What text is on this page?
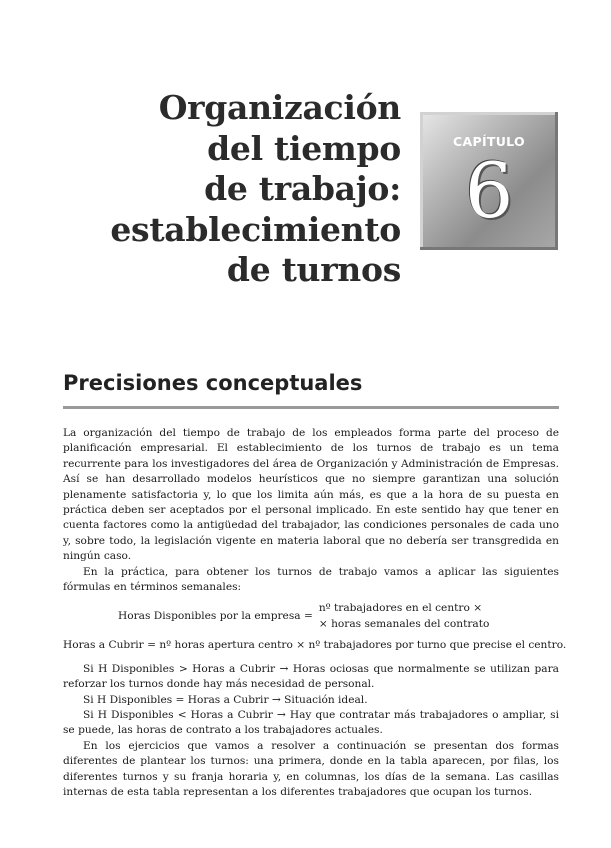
Organización
del tiempo
de trabajo:
establecimiento
de turnos
CAPÍTULO
6
Precisiones conceptuales

La organización del tiempo de trabajo de los empleados forma parte del proceso de planificación empresarial. El establecimiento de los turnos de trabajo es un tema recurrente para los investigadores del área de Organización y Administración de Empresas. Así se han desarrollado modelos heurísticos que no siempre garantizan una solución plenamente satisfactoria y, lo que los limita aún más, es que a la hora de su puesta en práctica deben ser aceptados por el personal implicado. En este sentido hay que tener en cuenta factores como la antigüedad del trabajador, las condiciones personales de cada uno y, sobre todo, la legislación vigente en materia laboral que no debería ser transgredida en ningún caso.

En la práctica, para obtener los turnos de trabajo vamos a aplicar las siguientes fórmulas en términos semanales:

Horas Disponibles por la empresa =
nº trabajadores en el centro ×
× horas semanales del contrato
Horas a Cubrir = nº horas apertura centro × nº trabajadores por turno que precise el centro.

Si H Disponibles > Horas a Cubrir → Horas ociosas que normalmente se utilizan para reforzar los turnos donde hay más necesidad de personal.

Si H Disponibles = Horas a Cubrir → Situación ideal.

Si H Disponibles < Horas a Cubrir → Hay que contratar más trabajadores o ampliar, si se puede, las horas de contrato a los trabajadores actuales.

En los ejercicios que vamos a resolver a continuación se presentan dos formas diferentes de plantear los turnos: una primera, donde en la tabla aparecen, por filas, los diferentes turnos y su franja horaria y, en columnas, los días de la semana. Las casillas internas de esta tabla representan a los diferentes trabajadores que ocupan los turnos.
